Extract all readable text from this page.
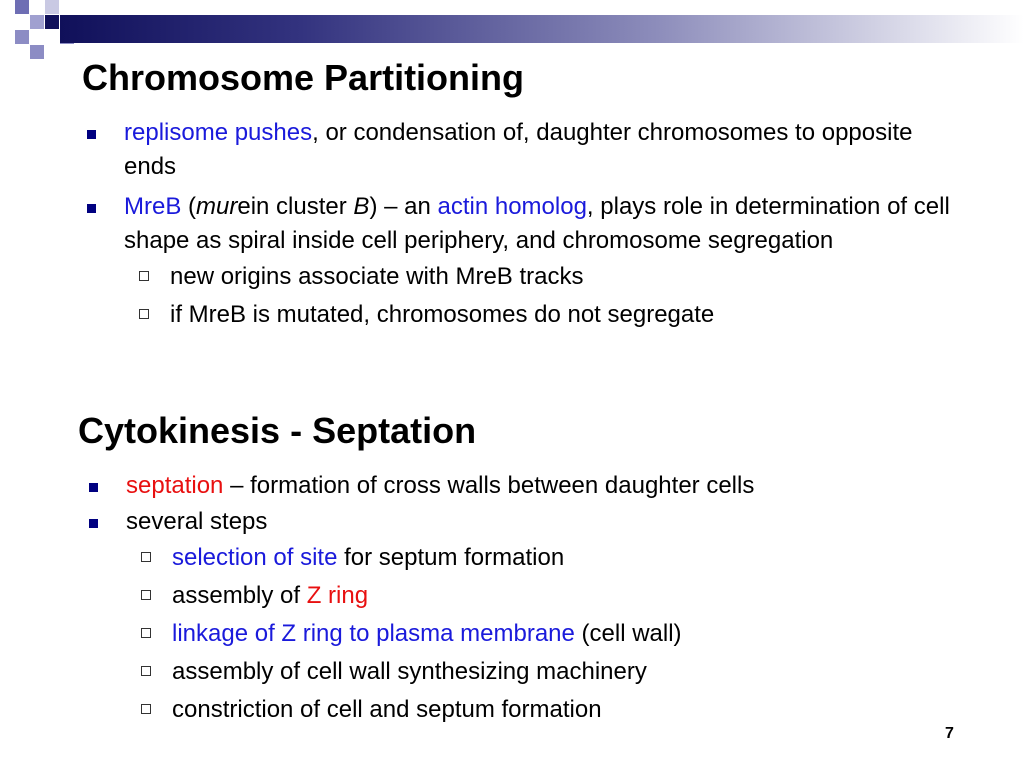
Chromosome Partitioning
replisome pushes, or condensation of, daughter chromosomes to opposite ends
MreB (murein cluster B) – an actin homolog, plays role in determination of cell shape as spiral inside cell periphery, and chromosome segregation
new origins associate with MreB tracks
if MreB is mutated, chromosomes do not segregate
Cytokinesis - Septation
septation – formation of cross walls between daughter cells
several steps
selection of site for septum formation
assembly of Z ring
linkage of Z ring to plasma membrane (cell wall)
assembly of cell wall synthesizing machinery
constriction of cell and septum formation
7
